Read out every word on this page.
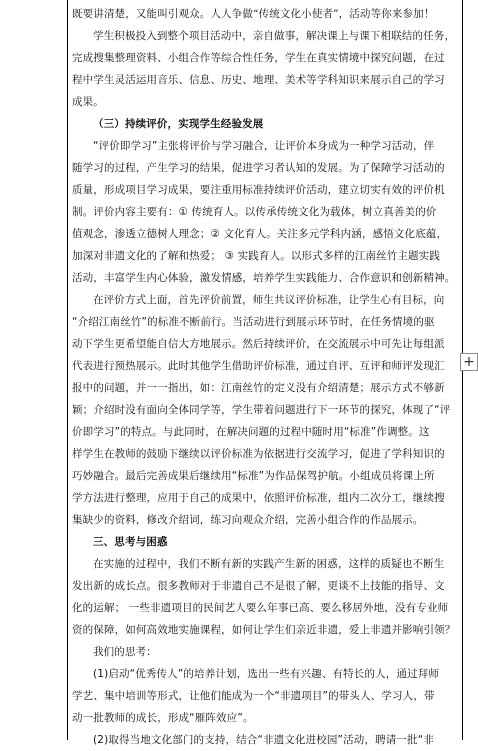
既要讲清楚，又能叫引观众。人人争做“传统文化小使者”，活动等你来参加！
学生积极投入到整个项目活动中，亲自做事，解决课上与课下相联结的任务，
完成搜集整理资料、小组合作等综合性任务，学生在真实情境中探究问题，在过
程中学生灵活运用音乐、信息、历史、地理、美术等学科知识来展示自己的学习
成果。
（三）持续评价，实现学生经验发展
“评价即学习”主张将评价与学习融合，让评价本身成为一种学习活动，伴
随学习的过程，产生学习的结果，促进学习者认知的发展。为了保障学习活动的
质量，形成项目学习成果，要注重用标准持续评价活动，建立切实有效的评价机
制。评价内容主要有：① 传统育人。以传承传统文化为载体，树立真善美的价
值观念，渗透立德树人理念；② 文化育人。关注多元学科内涵，感悟文化底蕴，
加深对非遗文化的了解和热爱； ③ 实践育人。以形式多样的江南丝竹主题实践
活动，丰富学生内心体验，激发情感，培养学生实践能力、合作意识和创新精神。
在评价方式上面，首先评价前置，师生共议评价标准，让学生心有目标，向
“介绍江南丝竹”的标准不断前行。当活动进行到展示环节时，在任务情境的驱
动下学生更希望能自信大方地展示。然后持续评价，在交流展示中可先让每组派
代表进行预热展示。此时其他学生借助评价标准，通过自评、互评和师评发现汇
报中的问题，并一一指出，如：江南丝竹的定义没有介绍清楚；展示方式不够新
颖；介绍时没有面向全体同学等，学生带着问题进行下一环节的探究，体现了“评
价即学习”的特点。与此同时，在解决问题的过程中随时用“标准”作调整。这
样学生在教师的鼓励下继续以评价标准为依据进行交流学习，促进了学科知识的
巧妙融合。最后完善成果后继续用“标准”为作品保驾护航。小组成员将课上所
学方法进行整理，应用于自己的成果中，依照评价标准，组内二次分工，继续搜
集缺少的资料，修改介绍词，练习向观众介绍，完善小组合作的作品展示。
三、思考与困惑
在实施的过程中，我们不断有新的实践产生新的困惑，这样的质疑也不断生
发出新的成长点。很多教师对于非遗自己不是很了解，更谈不上技能的指导、文
化的运解； 一些非遗项目的民间艺人要么年事已高、要么移居外地，没有专业师
资的保障，如何高效地实施课程，如何让学生们亲近非遗，爱上非遗并影响引领？
我们的思考：
(1)启动“优秀传人”的培养计划，选出一些有兴趣、有特长的人，通过拜师
学艺、集中培训等形式，让他们能成为一个“非遗项目”的带头人、学习人，带
动一批教师的成长，形成“雁阵效应”。
(2)取得当地文化部门的支持，结合“非遗文化进校园”活动，聘请一批“非
+
